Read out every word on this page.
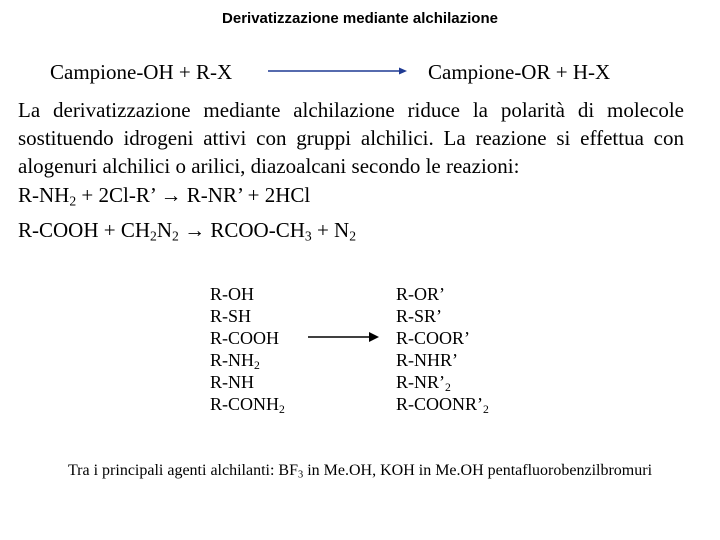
Derivatizzazione mediante alchilazione
Campione-OH + R-X	Campione-OR + H-X
La derivatizzazione mediante alchilazione riduce la polarità di molecole sostituendo idrogeni attivi con gruppi alchilici. La reazione si effettua con alogenuri alchilici o arilici, diazoalcani secondo le reazioni:
$R-NH_2 + 2Cl-R$’ → R-NR’ + 2HCl
R-COOH + $CH_2N_2$ → RCOO-$CH_3 + N_2$
R-OH
R-SH
R-COOH
$R-NH_2$
R-NH
$R-CONH_2$
R-OR’
R-SR’
R-COOR’
R-NHR’
$R-NR’_2$
$R-COONR’_2$
Tra i principali agenti alchilanti: $BF_3$ in Me.OH, KOH in Me.OH pentafluorobenzilbromuri
